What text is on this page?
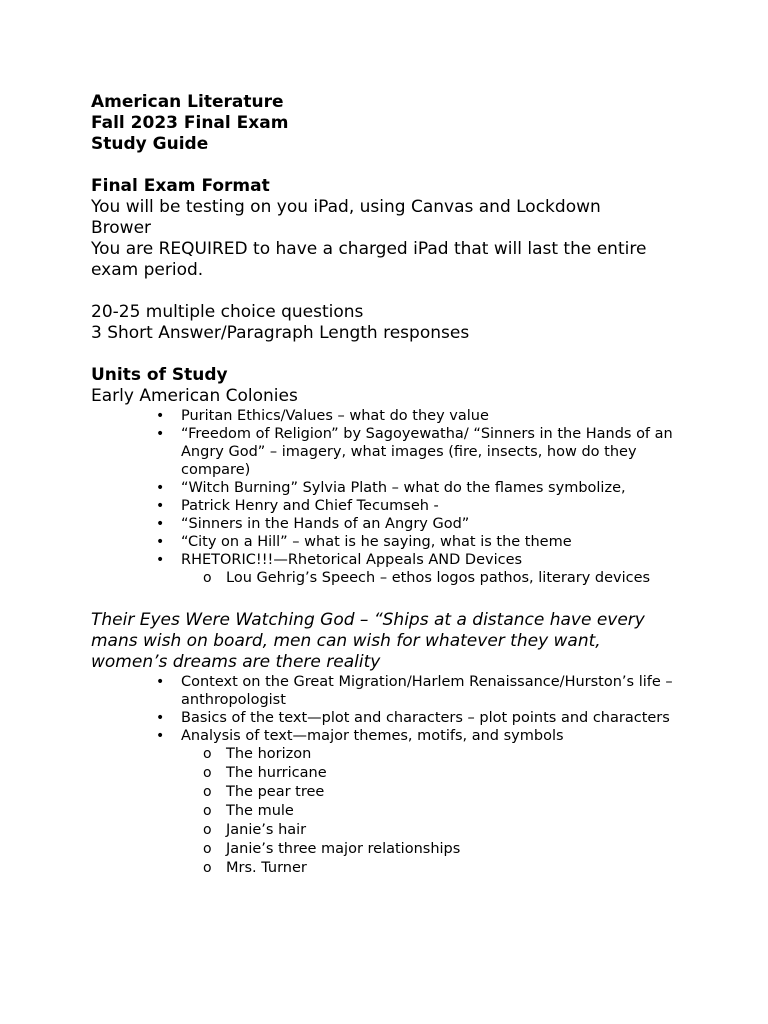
American Literature
Fall 2023 Final Exam
Study Guide
Final Exam Format
You will be testing on you iPad, using Canvas and Lockdown
Brower
You are REQUIRED to have a charged iPad that will last the entire
exam period.
20-25 multiple choice questions
3 Short Answer/Paragraph Length responses
Units of Study
Early American Colonies
• Puritan Ethics/Values – what do they value
• “Freedom of Religion” by Sagoyewatha/ “Sinners in the Hands of an Angry God” – imagery, what images (fire, insects, how do they compare)
• “Witch Burning” Sylvia Plath – what do the flames symbolize,
• Patrick Henry and Chief Tecumseh -
• “Sinners in the Hands of an Angry God”
• “City on a Hill” – what is he saying, what is the theme
• RHETORIC!!!—Rhetorical Appeals AND Devices
o Lou Gehrig’s Speech – ethos logos pathos, literary devices
Their Eyes Were Watching God – “Ships at a distance have every
mans wish on board, men can wish for whatever they want,
women’s dreams are there reality
• Context on the Great Migration/Harlem Renaissance/Hurston’s life – anthropologist
• Basics of the text—plot and characters – plot points and characters
• Analysis of text—major themes, motifs, and symbols
o The horizon
o The hurricane
o The pear tree
o The mule
o Janie’s hair
o Janie’s three major relationships
o Mrs. Turner
